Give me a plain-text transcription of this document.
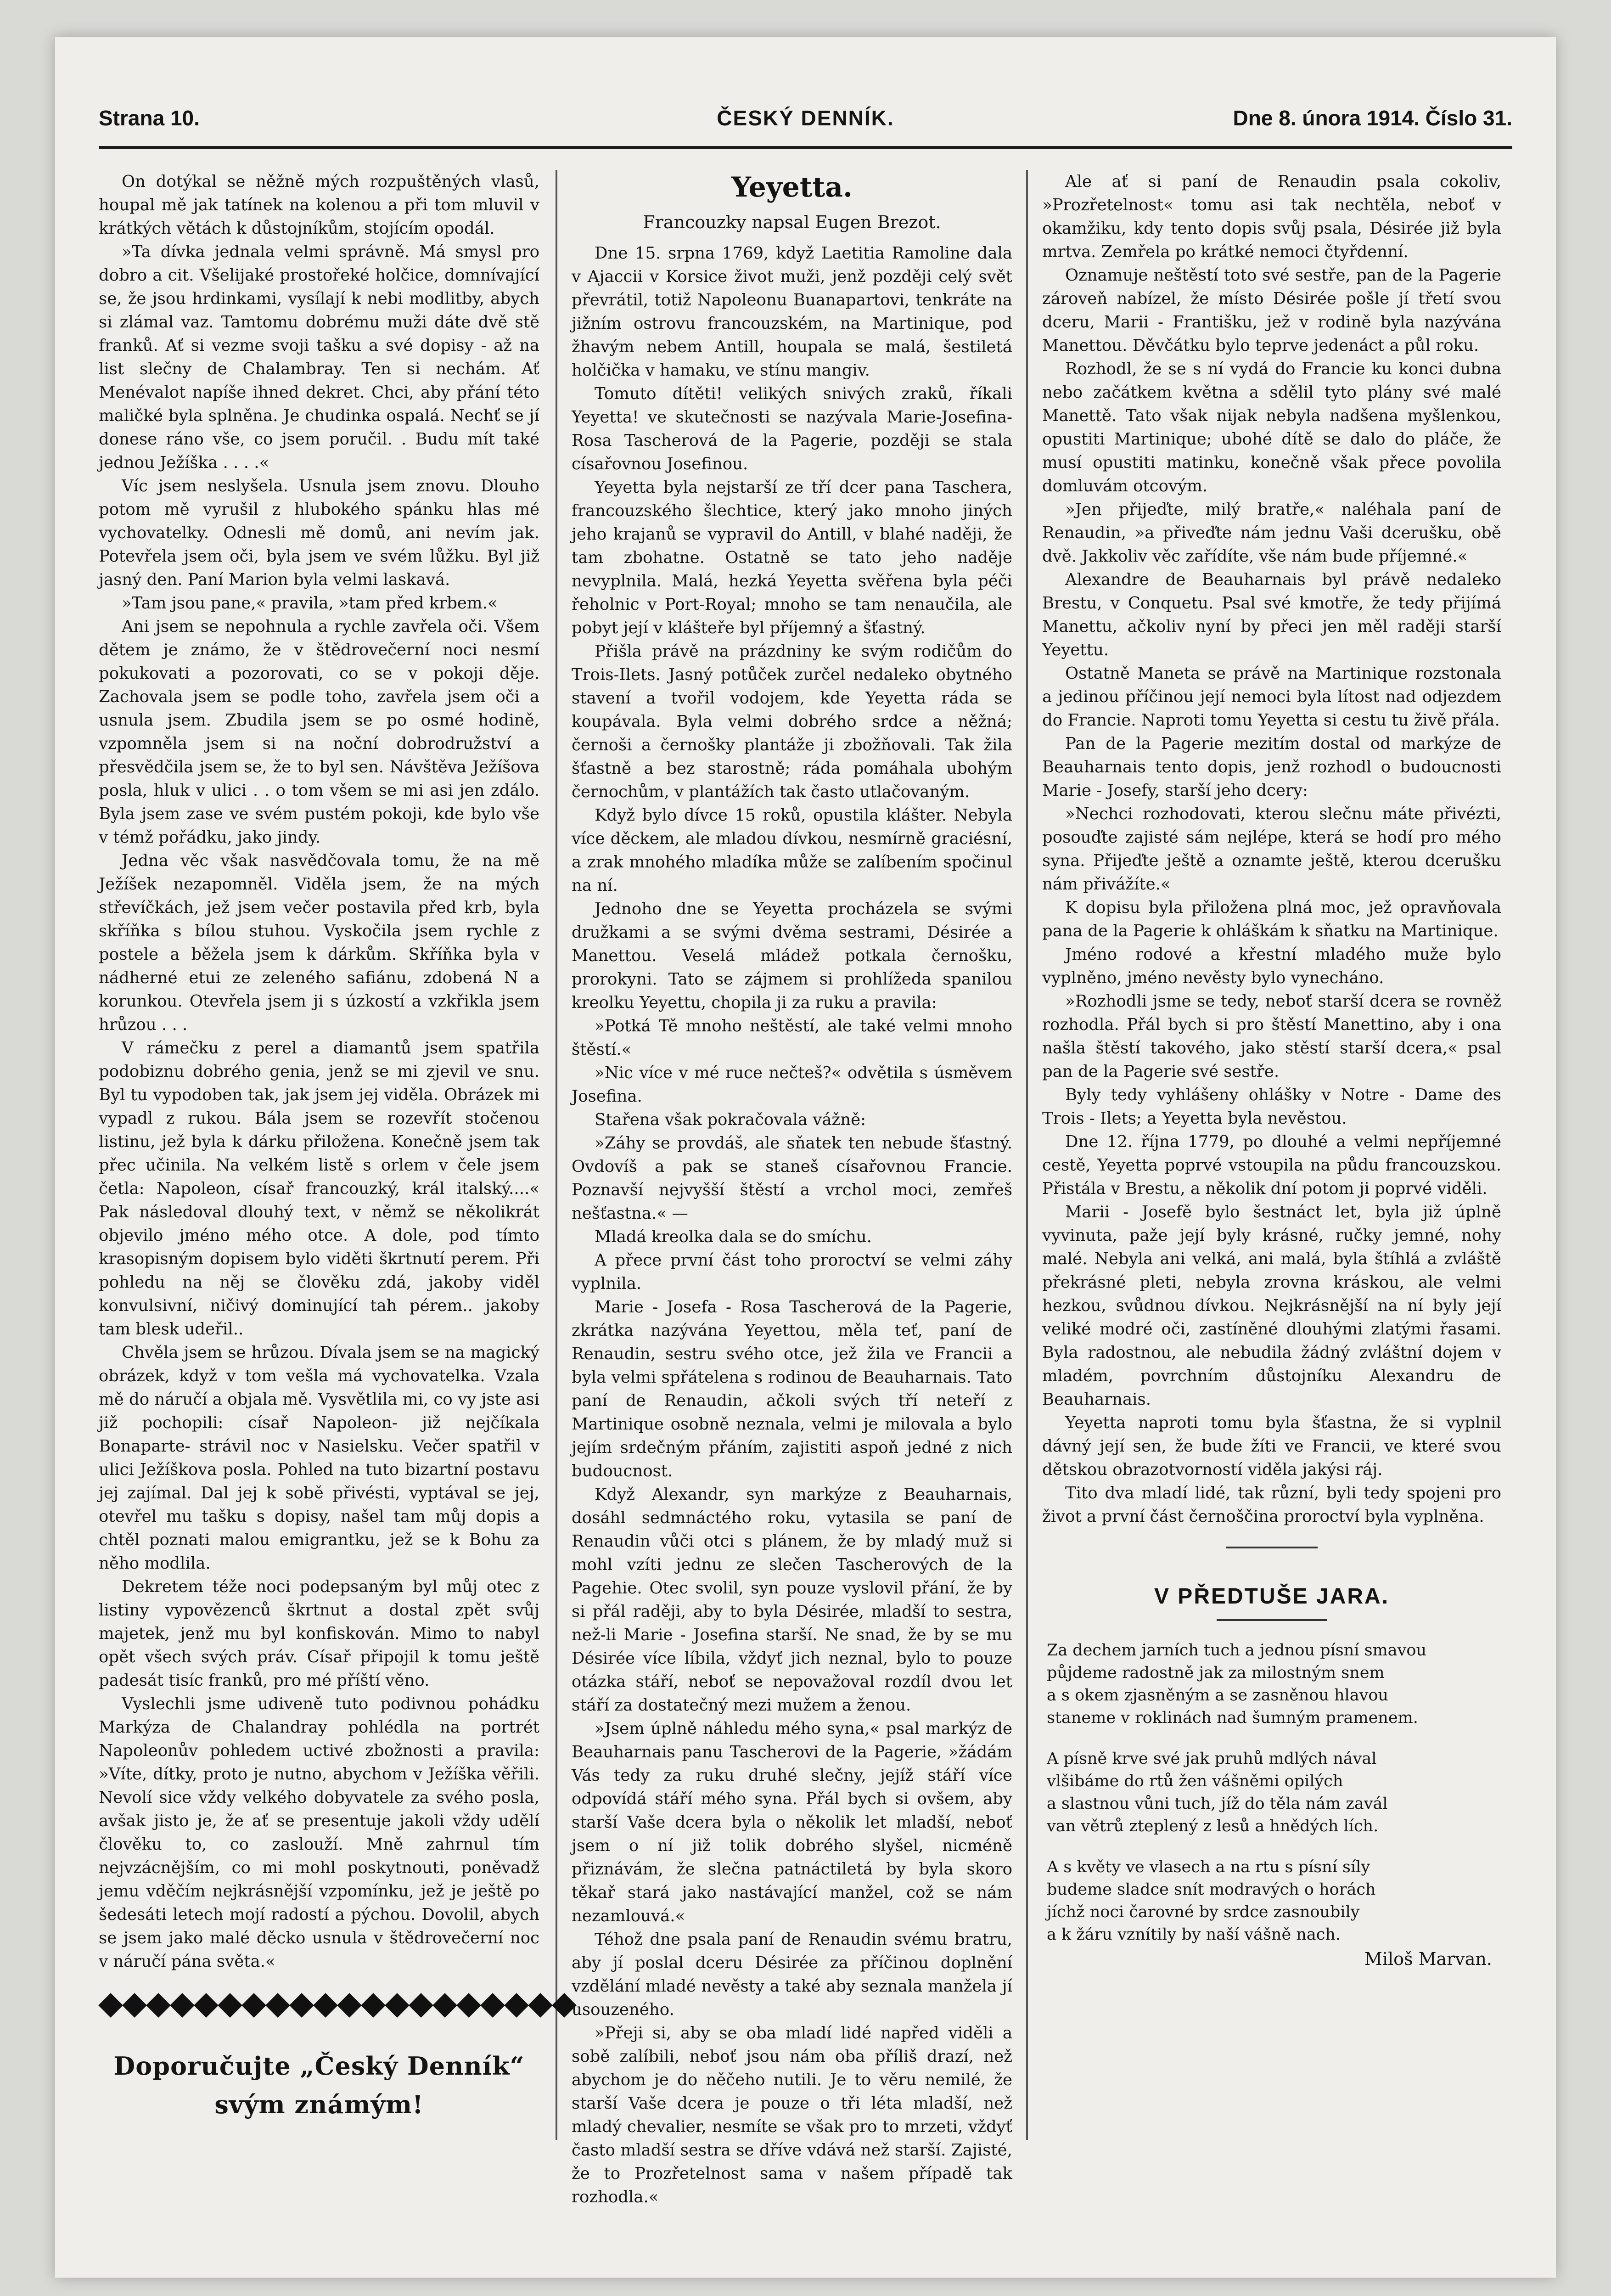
Strana 10.	ČESKÝ DENNÍK.	Dne 8. února 1914. Číslo 31.

On dotýkal se něžně mých rozpuštěných vlasů, houpal mě jak tatínek na kolenou a při tom mluvil v krátkých větách k důstojníkům, stojícím opodál.

»Ta dívka jednala velmi správně. Má smysl pro dobro a cit. Všelijaké prostořeké holčice, domnívající se, že jsou hrdinkami, vysílají k nebi modlitby, abych si zlámal vaz. Tamtomu dobrému muži dáte dvě stě franků. Ať si vezme svoji tašku a své dopisy - až na list slečny de Chalambray. Ten si nechám. Ať Menévalot napíše ihned dekret. Chci, aby přání této maličké byla splněna. Je chudinka ospalá. Nechť se jí donese ráno vše, co jsem poručil. . Budu mít také jednou Ježíška . . . .«

Víc jsem neslyšela. Usnula jsem znovu. Dlouho potom mě vyrušil z hlubokého spánku hlas mé vychovatelky. Odnesli mě domů, ani nevím jak. Potevřela jsem oči, byla jsem ve svém lůžku. Byl již jasný den. Paní Marion byla velmi laskavá.

»Tam jsou pane,« pravila, »tam před krbem.«

Ani jsem se nepohnula a rychle zavřela oči. Všem dětem je známo, že v štědrovečerní noci nesmí pokukovati a pozorovati, co se v pokoji děje. Zachovala jsem se podle toho, zavřela jsem oči a usnula jsem. Zbudila jsem se po osmé hodině, vzpomněla jsem si na noční dobrodružství a přesvědčila jsem se, že to byl sen. Návštěva Ježíšova posla, hluk v ulici . . o tom všem se mi asi jen zdálo. Byla jsem zase ve svém pustém pokoji, kde bylo vše v témž pořádku, jako jindy.

Jedna věc však nasvědčovala tomu, že na mě Ježíšek nezapomněl. Viděla jsem, že na mých střevíčkách, jež jsem večer postavila před krb, byla skříňka s bílou stuhou. Vyskočila jsem rychle z postele a běžela jsem k dárkům. Skříňka byla v nádherné etui ze zeleného safiánu, zdobená N a korunkou. Otevřela jsem ji s úzkostí a vzkřikla jsem hrůzou . . .

V rámečku z perel a diamantů jsem spatřila podobiznu dobrého genia, jenž se mi zjevil ve snu. Byl tu vypodoben tak, jak jsem jej viděla. Obrázek mi vypadl z rukou. Bála jsem se rozevřít stočenou listinu, jež byla k dárku přiložena. Konečně jsem tak přec učinila. Na velkém listě s orlem v čele jsem četla: Napoleon, císař francouzký, král italský....« Pak následoval dlouhý text, v němž se několikrát objevilo jméno mého otce. A dole, pod tímto krasopisným dopisem bylo viděti škrtnutí perem. Při pohledu na něj se člověku zdá, jakoby viděl konvulsivní, ničivý dominující tah pérem.. jakoby tam blesk udeřil..

Chvěla jsem se hrůzou. Dívala jsem se na magický obrázek, když v tom vešla má vychovatelka. Vzala mě do náručí a objala mě. Vysvětlila mi, co vy jste asi již pochopili: císař Napoleon- již nejčíkala Bonaparte- strávil noc v Nasielsku. Večer spatřil v ulici Ježíškova posla. Pohled na tuto bizartní postavu jej zajímal. Dal jej k sobě přivésti, vyptával se jej, otevřel mu tašku s dopisy, našel tam můj dopis a chtěl poznati malou emigrantku, jež se k Bohu za něho modlila.

Dekretem téže noci podepsaným byl můj otec z listiny vypovězenců škrtnut a dostal zpět svůj majetek, jenž mu byl konfiskován. Mimo to nabyl opět všech svých práv. Císař připojil k tomu ještě padesát tisíc franků, pro mé příští věno.

Vyslechli jsme udiveně tuto podivnou pohádku Markýza de Chalandray pohlédla na portrét Napoleonův pohledem uctivé zbožnosti a pravila: »Víte, dítky, proto je nutno, abychom v Ježíška věřili. Nevolí sice vždy velkého dobyvatele za svého posla, avšak jisto je, že ať se presentuje jakoli vždy udělí člověku to, co zaslouží. Mně zahrnul tím nejvzácnějším, co mi mohl poskytnouti, poněvadž jemu vděčím nejkrásnější vzpomínku, jež je ještě po šedesáti letech mojí radostí a pýchou. Dovolil, abych se jsem jako malé děcko usnula v štědrovečerní noc v náručí pána světa.«

Doporučujte „Český Denník“
svým známým!
Yeyetta.
Francouzky napsal Eugen Brezot.

Dne 15. srpna 1769, když Laetitia Ramoline dala v Ajaccii v Korsice život muži, jenž později celý svět převrátil, totiž Napoleonu Buanapartovi, tenkráte na jižním ostrovu francouzském, na Martinique, pod žhavým nebem Antill, houpala se malá, šestiletá holčička v hamaku, ve stínu mangiv.

Tomuto dítěti! velikých snivých zraků, říkali Yeyetta! ve skutečnosti se nazývala Marie-Josefina-Rosa Tascherová de la Pagerie, později se stala císařovnou Josefinou.

Yeyetta byla nejstarší ze tří dcer pana Taschera, francouzského šlechtice, který jako mnoho jiných jeho krajanů se vypravil do Antill, v blahé naději, že tam zbohatne. Ostatně se tato jeho naděje nevyplnila. Malá, hezká Yeyetta svěřena byla péči řeholnic v Port-Royal; mnoho se tam nenaučila, ale pobyt její v klášteře byl příjemný a šťastný.

Přišla právě na prázdniny ke svým rodičům do Trois-Ilets. Jasný potůček zurčel nedaleko obytného stavení a tvořil vodojem, kde Yeyetta ráda se koupávala. Byla velmi dobrého srdce a něžná; černoši a černošky plantáže ji zbožňovali. Tak žila šťastně a bez starostně; ráda pomáhala ubohým černochům, v plantážích tak často utlačovaným.

Když bylo dívce 15 roků, opustila klášter. Nebyla více děckem, ale mladou dívkou, nesmírně graciésní, a zrak mnohého mladíka může se zalíbením spočinul na ní.

Jednoho dne se Yeyetta procházela se svými družkami a se svými dvěma sestrami, Désirée a Manettou. Veselá mládež potkala černošku, prorokyni. Tato se zájmem si prohlížeda spanilou kreolku Yeyettu, chopila ji za ruku a pravila:

»Potká Tě mnoho neštěstí, ale také velmi mnoho štěstí.«

»Nic více v mé ruce nečteš?« odvětila s úsměvem Josefina.

Stařena však pokračovala vážně:

»Záhy se provdáš, ale sňatek ten nebude šťastný. Ovdovíš a pak se staneš císařovnou Francie. Poznavší nejvyšší štěstí a vrchol moci, zemřeš nešťastna.« —

Mladá kreolka dala se do smíchu.

A přece první část toho proroctví se velmi záhy vyplnila.

Marie - Josefa - Rosa Tascherová de la Pagerie, zkrátka nazývána Yeyettou, měla teť, paní de Renaudin, sestru svého otce, jež žila ve Francii a byla velmi spřátelena s rodinou de Beauharnais. Tato paní de Renaudin, ačkoli svých tří neteří z Martinique osobně neznala, velmi je milovala a bylo jejím srdečným přáním, zajistiti aspoň jedné z nich budoucnost.

Když Alexandr, syn markýze z Beauharnais, dosáhl sedmnáctého roku, vytasila se paní de Renaudin vůči otci s plánem, že by mladý muž si mohl vzíti jednu ze slečen Tascherových de la Pagehie. Otec svolil, syn pouze vyslovil přání, že by si přál raději, aby to byla Désirée, mladší to sestra, než-li Marie - Josefina starší. Ne snad, že by se mu Désirée více líbila, vždyť jich neznal, bylo to pouze otázka stáří, neboť se nepovažoval rozdíl dvou let stáří za dostatečný mezi mužem a ženou.

»Jsem úplně náhledu mého syna,« psal markýz de Beauharnais panu Tascherovi de la Pagerie, »žádám Vás tedy za ruku druhé slečny, jejíž stáří více odpovídá stáří mého syna. Přál bych si ovšem, aby starší Vaše dcera byla o několik let mladší, neboť jsem o ní již tolik dobrého slyšel, nicméně přiznávám, že slečna patnáctiletá by byla skoro těkař stará jako nastávající manžel, což se nám nezamlouvá.«

Téhož dne psala paní de Renaudin svému bratru, aby jí poslal dceru Désirée za příčinou doplnění vzdělání mladé nevěsty a také aby seznala manžela jí usouzeného.

»Přeji si, aby se oba mladí lidé napřed viděli a sobě zalíbili, neboť jsou nám oba příliš drazí, než abychom je do něčeho nutili. Je to věru nemilé, že starší Vaše dcera je pouze o tři léta mladší, než mladý chevalier, nesmíte se však pro to mrzeti, vždyť často mladší sestra se dříve vdává než starší. Zajisté, že to Prozřetelnost sama v našem případě tak rozhodla.«

Ale ať si paní de Renaudin psala cokoliv, »Prozřetelnost« tomu asi tak nechtěla, neboť v okamžiku, kdy tento dopis svůj psala, Désirée již byla mrtva. Zemřela po krátké nemoci čtyřdenní.

Oznamuje neštěstí toto své sestře, pan de la Pagerie zároveň nabízel, že místo Désirée pošle jí třetí svou dceru, Marii - Františku, jež v rodině byla nazývána Manettou. Děvčátku bylo teprve jedenáct a půl roku.

Rozhodl, že se s ní vydá do Francie ku konci dubna nebo začátkem května a sdělil tyto plány své malé Manettě. Tato však nijak nebyla nadšena myšlenkou, opustiti Martinique; ubohé dítě se dalo do pláče, že musí opustiti matinku, konečně však přece povolila domluvám otcovým.

»Jen přijeďte, milý bratře,« naléhala paní de Renaudin, »a přiveďte nám jednu Vaši dcerušku, obě dvě. Jakkoliv věc zařídíte, vše nám bude příjemné.«

Alexandre de Beauharnais byl právě nedaleko Brestu, v Conquetu. Psal své kmotře, že tedy přijímá Manettu, ačkoliv nyní by přeci jen měl raději starší Yeyettu.

Ostatně Maneta se právě na Martinique rozstonala a jedinou příčinou její nemoci byla lítost nad odjezdem do Francie. Naproti tomu Yeyetta si cestu tu živě přála.

Pan de la Pagerie mezitím dostal od markýze de Beauharnais tento dopis, jenž rozhodl o budoucnosti Marie - Josefy, starší jeho dcery:

»Nechci rozhodovati, kterou slečnu máte přivézti, posouďte zajisté sám nejlépe, která se hodí pro mého syna. Přijeďte ještě a oznamte ještě, kterou dcerušku nám přivážíte.«

K dopisu byla přiložena plná moc, jež opravňovala pana de la Pagerie k ohláškám k sňatku na Martinique.

Jméno rodové a křestní mladého muže bylo vyplněno, jméno nevěsty bylo vynecháno.

»Rozhodli jsme se tedy, neboť starší dcera se rovněž rozhodla. Přál bych si pro štěstí Manettino, aby i ona našla štěstí takového, jako stěstí starší dcera,« psal pan de la Pagerie své sestře.

Byly tedy vyhlášeny ohlášky v Notre - Dame des Trois - Ilets; a Yeyetta byla nevěstou.

Dne 12. října 1779, po dlouhé a velmi nepříjemné cestě, Yeyetta poprvé vstoupila na půdu francouzskou. Přistála v Brestu, a několik dní potom ji poprvé viděli.

Marii - Josefě bylo šestnáct let, byla již úplně vyvinuta, paže její byly krásné, ručky jemné, nohy malé. Nebyla ani velká, ani malá, byla štíhlá a zvláště překrásné pleti, nebyla zrovna kráskou, ale velmi hezkou, svůdnou dívkou. Nejkrásnější na ní byly její veliké modré oči, zastíněné dlouhými zlatými řasami. Byla radostnou, ale nebudila žádný zvláštní dojem v mladém, povrchním důstojníku Alexandru de Beauharnais.

Yeyetta naproti tomu byla šťastna, že si vyplnil dávný její sen, že bude žíti ve Francii, ve které svou dětskou obrazotvorností viděla jakýsi ráj.

Tito dva mladí lidé, tak různí, byli tedy spojeni pro život a první část černoščina proroctví byla vyplněna.

V PŘEDTUŠE JARA.
Za dechem jarních tuch a jednou písní smavou
půjdeme radostně jak za milostným snem
a s okem zjasněným a se zasněnou hlavou
staneme v roklinách nad šumným pramenem.
A písně krve své jak pruhů mdlých nával
vlšibáme do rtů žen vášněmi opilých
a slastnou vůni tuch, jíž do těla nám zavál
van větrů zteplený z lesů a hnědých lích.
A s květy ve vlasech a na rtu s písní síly
budeme sladce snít modravých o horách
jíchž noci čarovné by srdce zasnoubily
a k žáru vznítily by naší vášně nach.
Miloš Marvan.
